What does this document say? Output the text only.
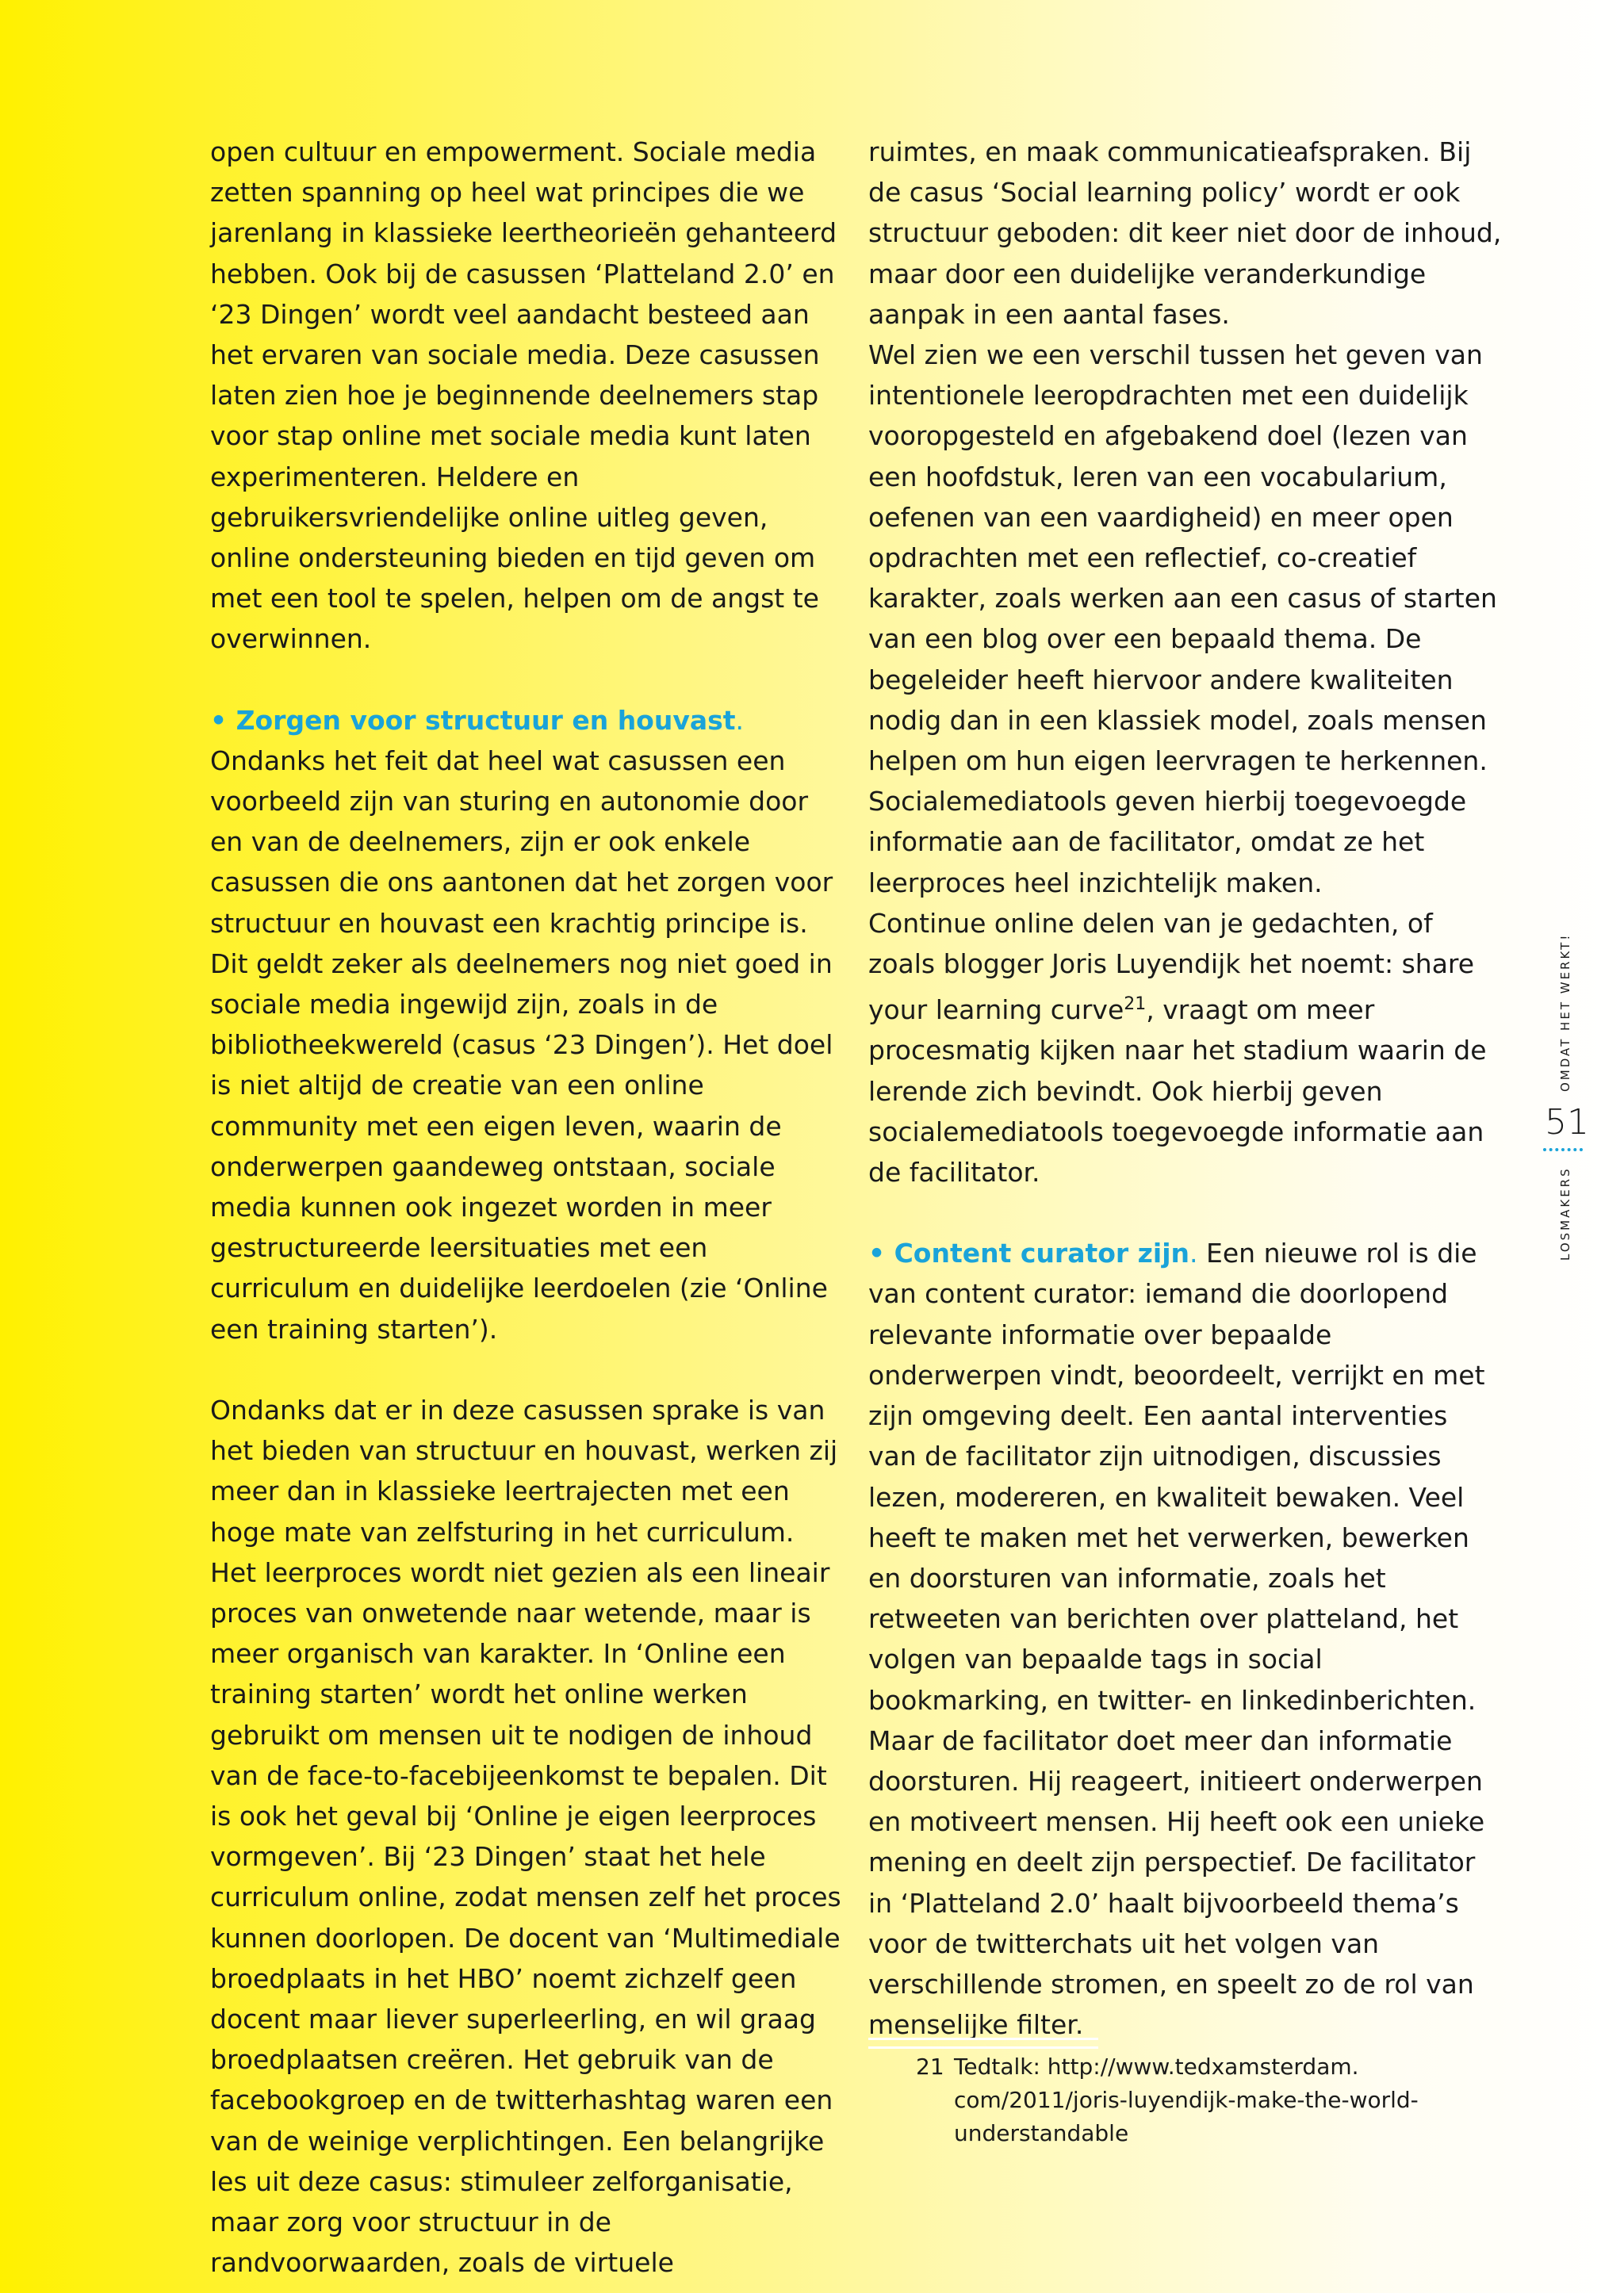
open cultuur en empowerment. Sociale media zetten spanning op heel wat principes die we jarenlang in klassieke leertheorieën gehanteerd hebben. Ook bij de casussen ‘Platteland 2.0’ en ‘23 Dingen’ wordt veel aandacht besteed aan het ervaren van sociale media. Deze casussen laten zien hoe je beginnende deelnemers stap voor stap online met sociale media kunt laten experimenteren. Heldere en gebruikersvriendelijke online uitleg geven, online ondersteuning bieden en tijd geven om met een tool te spelen, helpen om de angst te overwinnen.

• Zorgen voor structuur en houvast. Ondanks het feit dat heel wat casussen een voorbeeld zijn van sturing en autonomie door en van de deelnemers, zijn er ook enkele casussen die ons aantonen dat het zorgen voor structuur en houvast een krachtig principe is. Dit geldt zeker als deelnemers nog niet goed in sociale media ingewijd zijn, zoals in de bibliotheekwereld (casus ‘23 Dingen’). Het doel is niet altijd de creatie van een online community met een eigen leven, waarin de onderwerpen gaandeweg ontstaan, sociale media kunnen ook ingezet worden in meer gestructureerde leersituaties met een curriculum en duidelijke leerdoelen (zie ‘Online een training starten’).

Ondanks dat er in deze casussen sprake is van het bieden van structuur en houvast, werken zij meer dan in klassieke leertrajecten met een hoge mate van zelfsturing in het curriculum. Het leerproces wordt niet gezien als een lineair proces van onwetende naar wetende, maar is meer organisch van karakter. In ‘Online een training starten’ wordt het online werken gebruikt om mensen uit te nodigen de inhoud van de face-to-facebijeenkomst te bepalen. Dit is ook het geval bij ‘Online je eigen leerproces vormgeven’. Bij ‘23 Dingen’ staat het hele curriculum online, zodat mensen zelf het proces kunnen doorlopen. De docent van ‘Multimediale broedplaats in het HBO’ noemt zichzelf geen docent maar liever superleerling, en wil graag broedplaatsen creëren. Het gebruik van de facebookgroep en de twitterhashtag waren een van de weinige verplichtingen. Een belangrijke les uit deze casus: stimuleer zelforganisatie, maar zorg voor structuur in de randvoorwaarden, zoals de virtuele

ruimtes, en maak communicatieafspraken. Bij de casus ‘Social learning policy’ wordt er ook structuur geboden: dit keer niet door de inhoud, maar door een duidelijke veranderkundige aanpak in een aantal fases.

Wel zien we een verschil tussen het geven van intentionele leeropdrachten met een duidelijk vooropgesteld en afgebakend doel (lezen van een hoofdstuk, leren van een vocabularium, oefenen van een vaardigheid) en meer open opdrachten met een reflectief, co-creatief karakter, zoals werken aan een casus of starten van een blog over een bepaald thema. De begeleider heeft hiervoor andere kwaliteiten nodig dan in een klassiek model, zoals mensen helpen om hun eigen leervragen te herkennen. Socialemediatools geven hierbij toegevoegde informatie aan de facilitator, omdat ze het leerproces heel inzichtelijk maken.

Continue online delen van je gedachten, of zoals blogger Joris Luyendijk het noemt: share your learning curve$^{21}$, vraagt om meer procesmatig kijken naar het stadium waarin de lerende zich bevindt. Ook hierbij geven socialemediatools toegevoegde informatie aan de facilitator.

• Content curator zijn. Een nieuwe rol is die van content curator: iemand die doorlopend relevante informatie over bepaalde onderwerpen vindt, beoordeelt, verrijkt en met zijn omgeving deelt. Een aantal interventies van de facilitator zijn uitnodigen, discussies lezen, modereren, en kwaliteit bewaken. Veel heeft te maken met het verwerken, bewerken en doorsturen van informatie, zoals het retweeten van berichten over platteland, het volgen van bepaalde tags in social bookmarking, en twitter- en linkedinberichten. Maar de facilitator doet meer dan informatie doorsturen. Hij reageert, initieert onderwerpen en motiveert mensen. Hij heeft ook een unieke mening en deelt zijn perspectief. De facilitator in ‘Platteland 2.0’ haalt bijvoorbeeld thema’s voor de twitterchats uit het volgen van verschillende stromen, en speelt zo de rol van menselijke filter.

21 Tedtalk: http://www.tedxamsterdam.
com/2011/joris-luyendijk-make-the-world-
understandable
OMDAT HET WERKT!
51
LOSMAKERS
